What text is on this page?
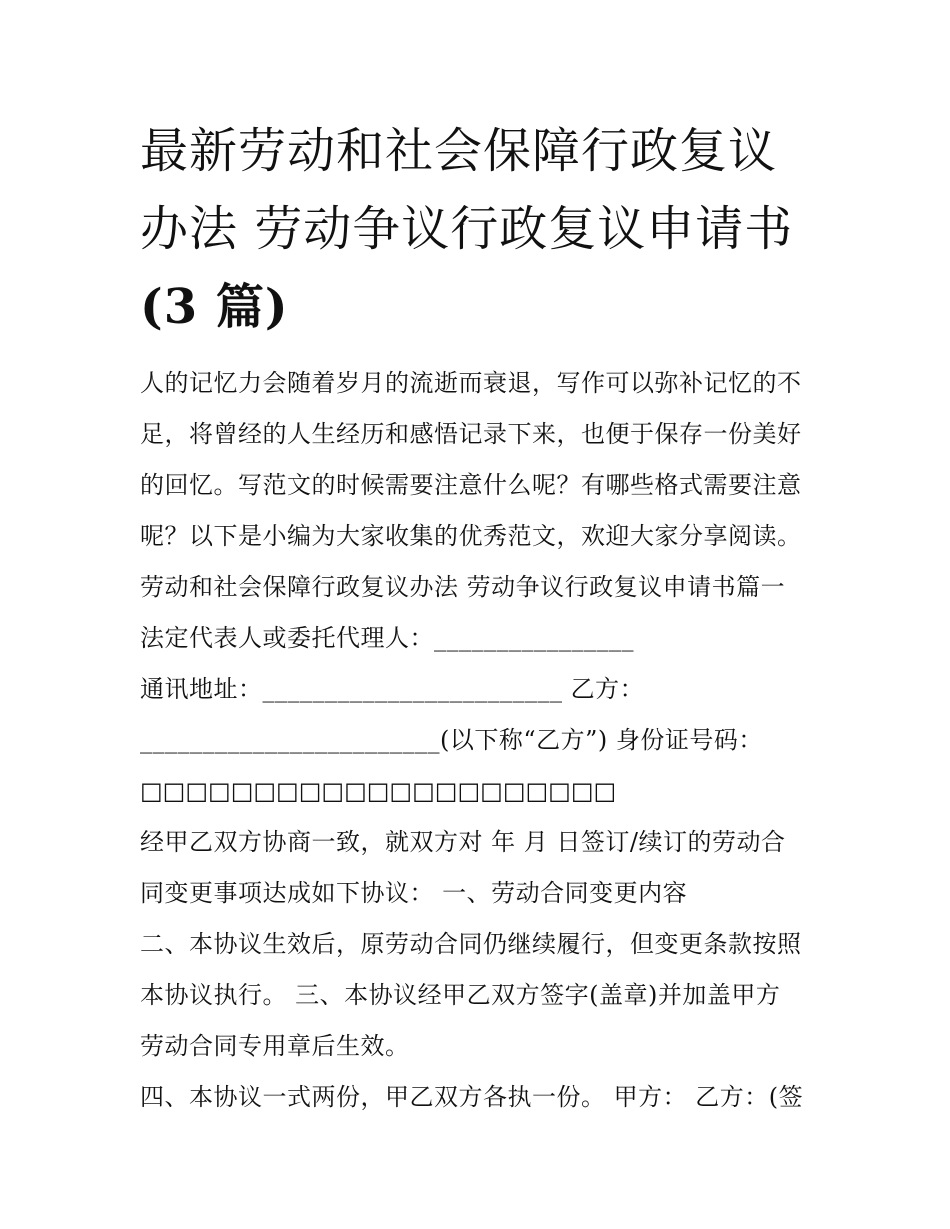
最新劳动和社会保障行政复议
办法 劳动争议行政复议申请书
(3 篇)
人的记忆力会随着岁月的流逝而衰退，写作可以弥补记忆的不
足，将曾经的人生经历和感悟记录下来，也便于保存一份美好
的回忆。写范文的时候需要注意什么呢？有哪些格式需要注意
呢？以下是小编为大家收集的优秀范文，欢迎大家分享阅读。
劳动和社会保障行政复议办法 劳动争议行政复议申请书篇一
法定代表人或委托代理人：________________
通讯地址：________________________ 乙方：
________________________(以下称“乙方”) 身份证号码：
□□□□□□□□□□□□□□□□□□□□□
经甲乙双方协商一致，就双方对 年 月 日签订/续订的劳动合
同变更事项达成如下协议： 一、劳动合同变更内容
二、本协议生效后，原劳动合同仍继续履行，但变更条款按照
本协议执行。 三、本协议经甲乙双方签字(盖章)并加盖甲方
劳动合同专用章后生效。
四、本协议一式两份，甲乙双方各执一份。 甲方： 乙方：(签
